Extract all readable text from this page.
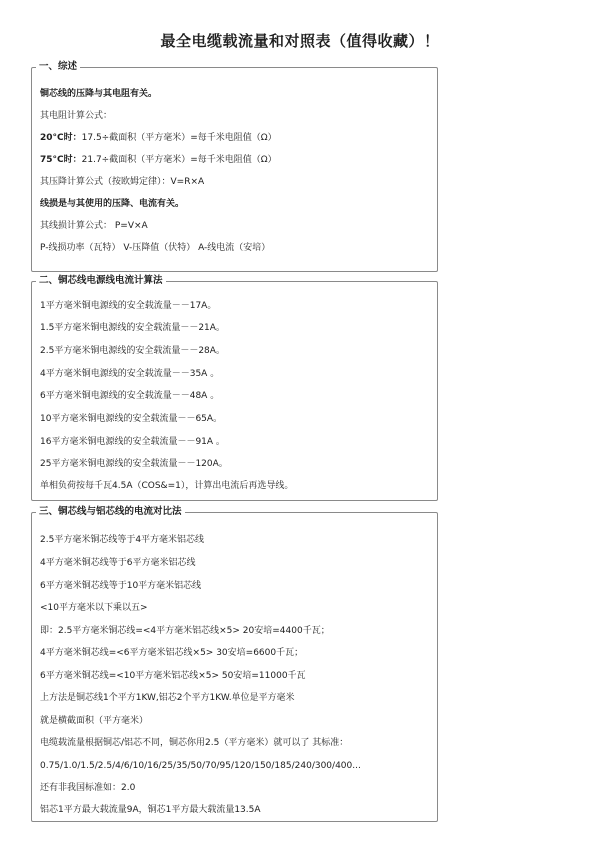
最全电缆载流量和对照表（值得收藏）！
一、综述
铜芯线的压降与其电阻有关。
其电阻计算公式：
20°C时：17.5÷截面积（平方毫米）=每千米电阻值（Ω）
75°C时：21.7÷截面积（平方毫米）=每千米电阻值（Ω）
其压降计算公式（按欧姆定律）：V=R×A
线损是与其使用的压降、电流有关。
其线损计算公式： P=V×A
P-线损功率（瓦特） V-压降值（伏特） A-线电流（安培）
二、铜芯线电源线电流计算法
1平方毫米铜电源线的安全载流量－－17A。
1.5平方毫米铜电源线的安全载流量－－21A。
2.5平方毫米铜电源线的安全载流量－－28A。
4平方毫米铜电源线的安全载流量－－35A 。
6平方毫米铜电源线的安全载流量－－48A 。
10平方毫米铜电源线的安全载流量－－65A。
16平方毫米铜电源线的安全载流量－－91A 。
25平方毫米铜电源线的安全载流量－－120A。
单相负荷按每千瓦4.5A（COS&=1），计算出电流后再选导线。
三、铜芯线与铝芯线的电流对比法
2.5平方毫米铜芯线等于4平方毫米铝芯线
4平方毫米铜芯线等于6平方毫米铝芯线
6平方毫米铜芯线等于10平方毫米铝芯线
<10平方毫米以下乘以五>
即：2.5平方毫米铜芯线=<4平方毫米铝芯线×5> 20安培=4400千瓦；
4平方毫米铜芯线=<6平方毫米铝芯线×5> 30安培=6600千瓦；
6平方毫米铜芯线=<10平方毫米铝芯线×5> 50安培=11000千瓦
上方法是铜芯线1个平方1KW,铝芯2个平方1KW.单位是平方毫米
就是横截面积（平方毫米）
电缆载流量根据铜芯/铝芯不同，铜芯你用2.5（平方毫米）就可以了 其标准：
0.75/1.0/1.5/2.5/4/6/10/16/25/35/50/70/95/120/150/185/240/300/400...
还有非我国标准如：2.0
铝芯1平方最大载流量9A，铜芯1平方最大载流量13.5A
